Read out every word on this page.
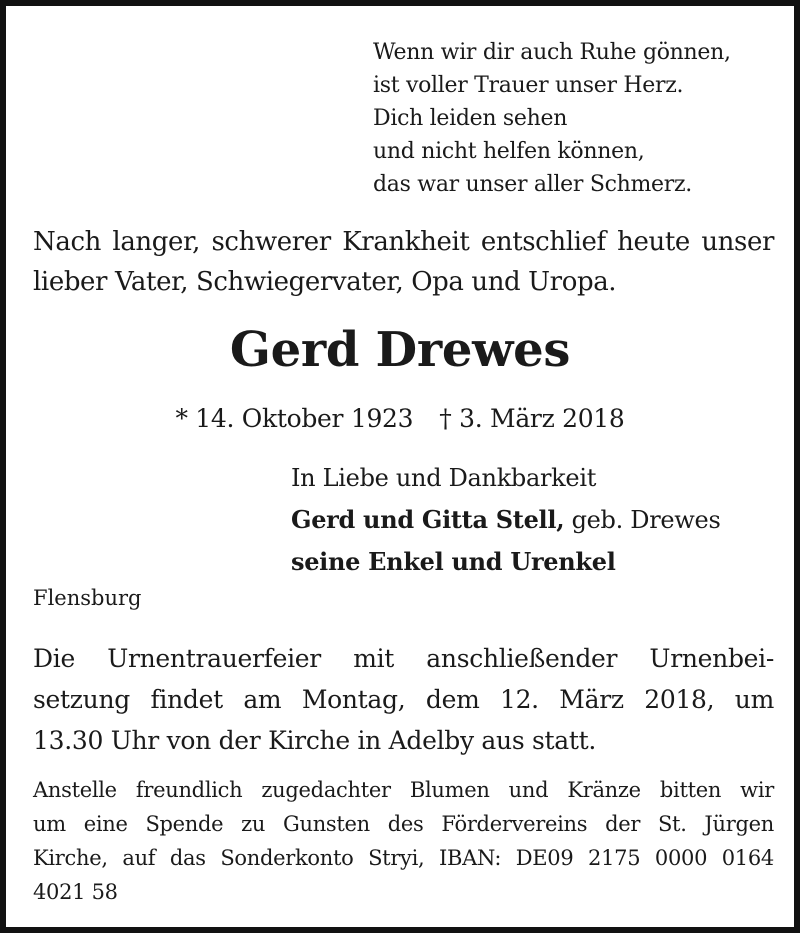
Wenn wir dir auch Ruhe gönnen,
ist voller Trauer unser Herz.
Dich leiden sehen
und nicht helfen können,
das war unser aller Schmerz.
Nach langer, schwerer Krankheit entschlief heute unser
lieber Vater, Schwiegervater, Opa und Uropa.
Gerd Drewes
* 14. Oktober 1923 † 3. März 2018
In Liebe und Dankbarkeit
Gerd und Gitta Stell, geb. Drewes
seine Enkel und Urenkel
Flensburg
Die Urnentrauerfeier mit anschließender Urnenbei-
setzung findet am Montag, dem 12. März 2018, um
13.30 Uhr von der Kirche in Adelby aus statt.
Anstelle freundlich zugedachter Blumen und Kränze bitten wir
um eine Spende zu Gunsten des Fördervereins der St. Jürgen
Kirche, auf das Sonderkonto Stryi, IBAN: DE09 2175 0000 0164
4021 58
